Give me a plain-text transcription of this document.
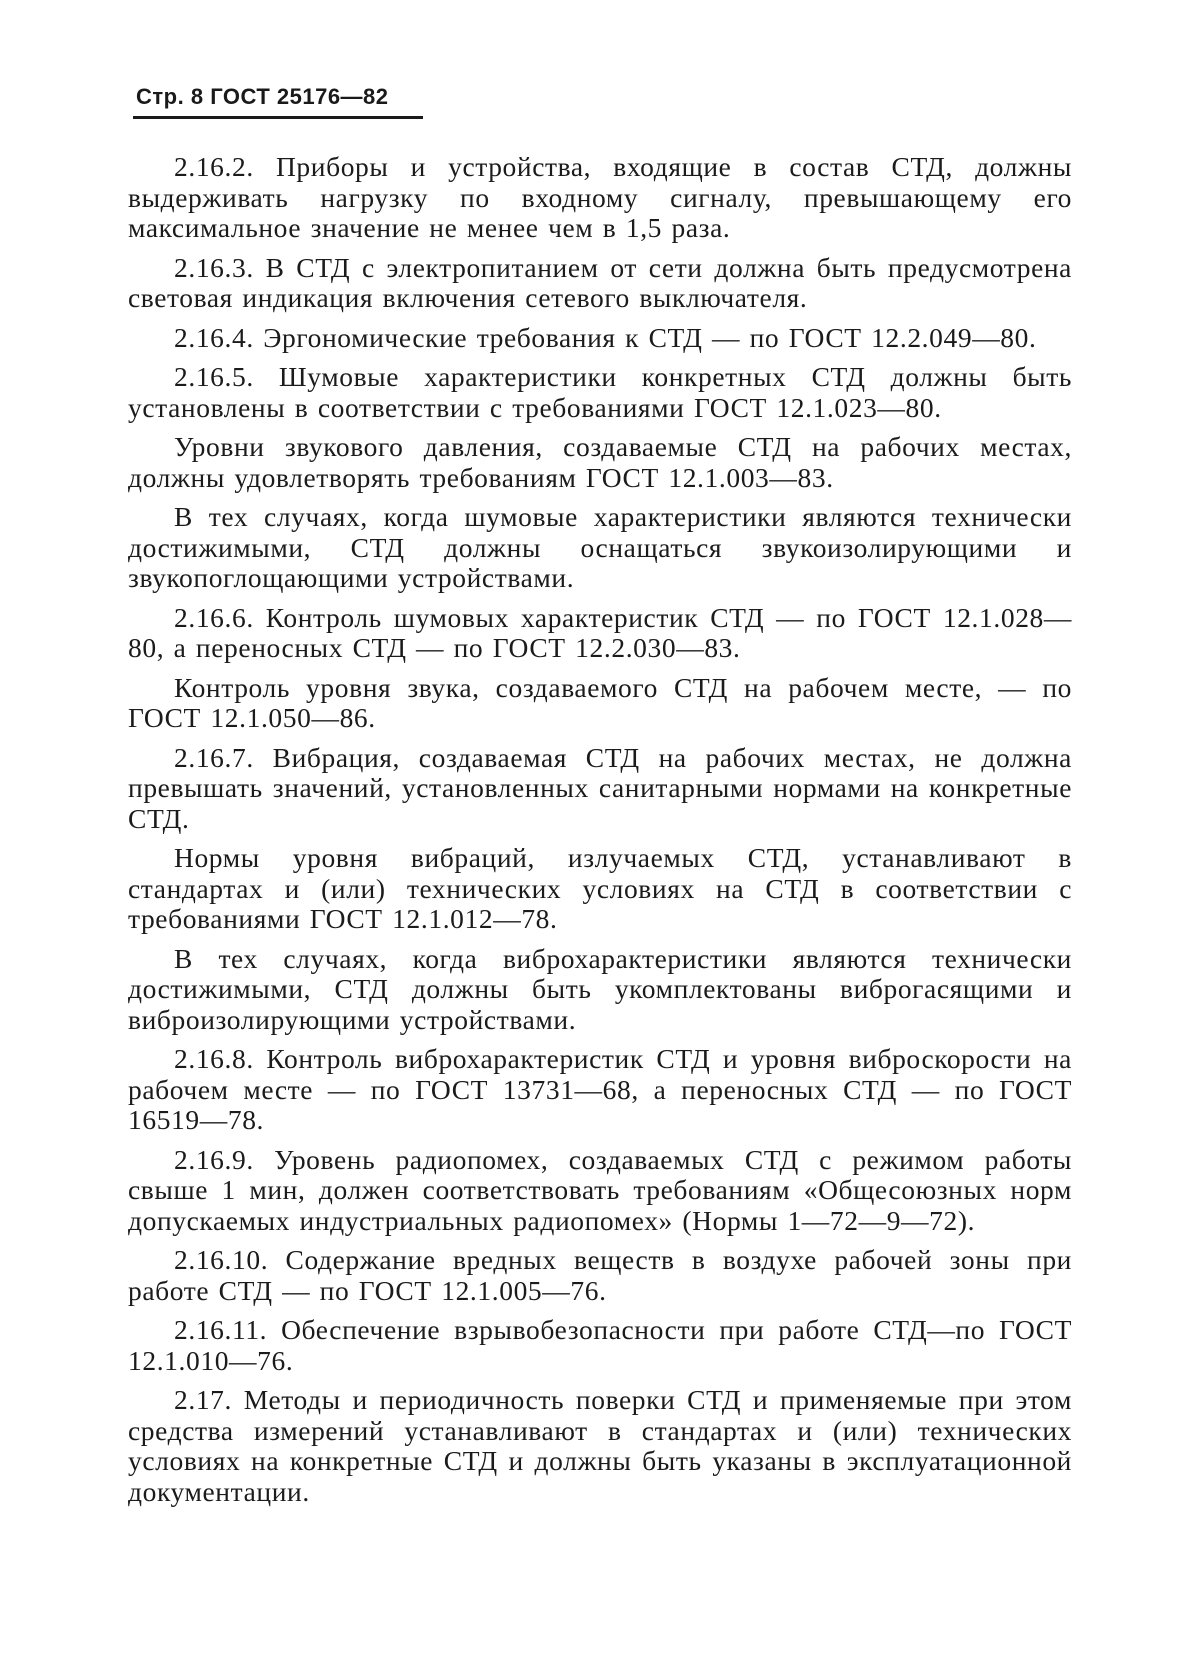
Стр. 8 ГОСТ 25176—82

2.16.2. Приборы и устройства, входящие в состав СТД, должны выдерживать нагрузку по входному сигналу, превышающему его максимальное значение не менее чем в 1,5 раза.

2.16.3. В СТД с электропитанием от сети должна быть предусмотрена световая индикация включения сетевого выключателя.

2.16.4. Эргономические требования к СТД — по ГОСТ 12.2.049—80.

2.16.5. Шумовые характеристики конкретных СТД должны быть установлены в соответствии с требованиями ГОСТ 12.1.023—80.

Уровни звукового давления, создаваемые СТД на рабочих местах, должны удовлетворять требованиям ГОСТ 12.1.003—83.

В тех случаях, когда шумовые характеристики являются технически достижимыми, СТД должны оснащаться звукоизолирующими и звукопоглощающими устройствами.

2.16.6. Контроль шумовых характеристик СТД — по ГОСТ 12.1.028—80, а переносных СТД — по ГОСТ 12.2.030—83.

Контроль уровня звука, создаваемого СТД на рабочем месте, — по ГОСТ 12.1.050—86.

2.16.7. Вибрация, создаваемая СТД на рабочих местах, не должна превышать значений, установленных санитарными нормами на конкретные СТД.

Нормы уровня вибраций, излучаемых СТД, устанавливают в стандартах и (или) технических условиях на СТД в соответствии с требованиями ГОСТ 12.1.012—78.

В тех случаях, когда виброхарактеристики являются технически достижимыми, СТД должны быть укомплектованы виброгасящими и виброизолирующими устройствами.

2.16.8. Контроль виброхарактеристик СТД и уровня виброскорости на рабочем месте — по ГОСТ 13731—68, а переносных СТД — по ГОСТ 16519—78.

2.16.9. Уровень радиопомех, создаваемых СТД с режимом работы свыше 1 мин, должен соответствовать требованиям «Общесоюзных норм допускаемых индустриальных радиопомех» (Нормы 1—72—9—72).

2.16.10. Содержание вредных веществ в воздухе рабочей зоны при работе СТД — по ГОСТ 12.1.005—76.

2.16.11. Обеспечение взрывобезопасности при работе СТД—по ГОСТ 12.1.010—76.

2.17. Методы и периодичность поверки СТД и применяемые при этом средства измерений устанавливают в стандартах и (или) технических условиях на конкретные СТД и должны быть указаны в эксплуатационной документации.
